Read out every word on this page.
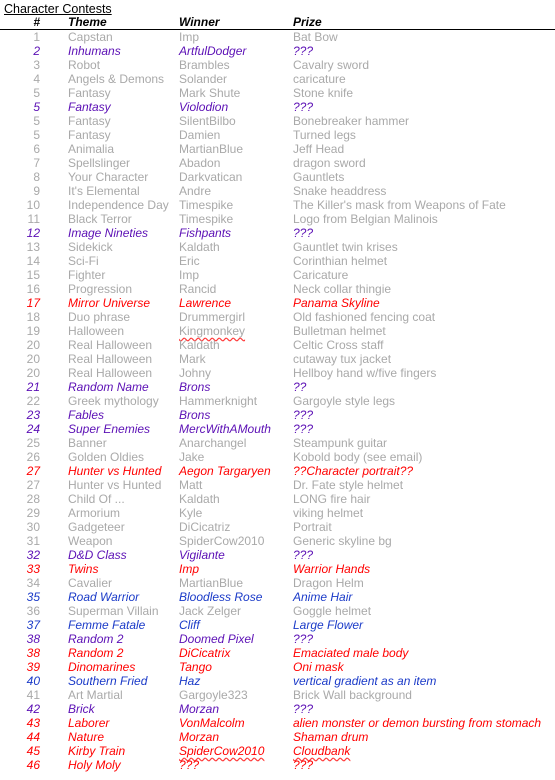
Character Contests
#	Theme	Winner	Prize
1	Capstan	Imp	Bat Bow
2	Inhumans	ArtfulDodger	???
3	Robot	Brambles	Cavalry sword
4	Angels & Demons	Solander	caricature
5	Fantasy	Mark Shute	Stone knife
5	Fantasy	Violodion	???
5	Fantasy	SilentBilbo	Bonebreaker hammer
5	Fantasy	Damien	Turned legs
6	Animalia	MartianBlue	Jeff Head
7	Spellslinger	Abadon	dragon sword
8	Your Character	Darkvatican	Gauntlets
9	It's Elemental	Andre	Snake headdress
10	Independence Day	Timespike	The Killer's mask from Weapons of Fate
11	Black Terror	Timespike	Logo from Belgian Malinois
12	Image Nineties	Fishpants	???
13	Sidekick	Kaldath	Gauntlet twin krises
14	Sci-Fi	Eric	Corinthian helmet
15	Fighter	Imp	Caricature
16	Progression	Rancid	Neck collar thingie
17	Mirror Universe	Lawrence	Panama Skyline
18	Duo phrase	Drummergirl	Old fashioned fencing coat
19	Halloween	Kingmonkey	Bulletman helmet
20	Real Halloween	Kaldath	Celtic Cross staff
20	Real Halloween	Mark	cutaway tux jacket
20	Real Halloween	Johny	Hellboy hand w/five fingers
21	Random Name	Brons	??
22	Greek mythology	Hammerknight	Gargoyle style legs
23	Fables	Brons	???
24	Super Enemies	MercWithAMouth	???
25	Banner	Anarchangel	Steampunk guitar
26	Golden Oldies	Jake	Kobold body (see email)
27	Hunter vs Hunted	Aegon Targaryen	??Character portrait??
27	Hunter vs Hunted	Matt	Dr. Fate style helmet
28	Child Of ...	Kaldath	LONG fire hair
29	Armorium	Kyle	viking helmet
30	Gadgeteer	DiCicatriz	Portrait
31	Weapon	SpiderCow2010	Generic skyline bg
32	D&D Class	Vigilante	???
33	Twins	Imp	Warrior Hands
34	Cavalier	MartianBlue	Dragon Helm
35	Road Warrior	Bloodless Rose	Anime Hair
36	Superman Villain	Jack Zelger	Goggle helmet
37	Femme Fatale	Cliff	Large Flower
38	Random 2	Doomed Pixel	???
38	Random 2	DiCicatrix	Emaciated male body
39	Dinomarines	Tango	Oni mask
40	Southern Fried	Haz	vertical gradient as an item
41	Art Martial	Gargoyle323	Brick Wall background
42	Brick	Morzan	???
43	Laborer	VonMalcolm	alien monster or demon bursting from stomach
44	Nature	Morzan	Shaman drum
45	Kirby Train	SpiderCow2010	Cloudbank
46	Holy Moly	???	???
